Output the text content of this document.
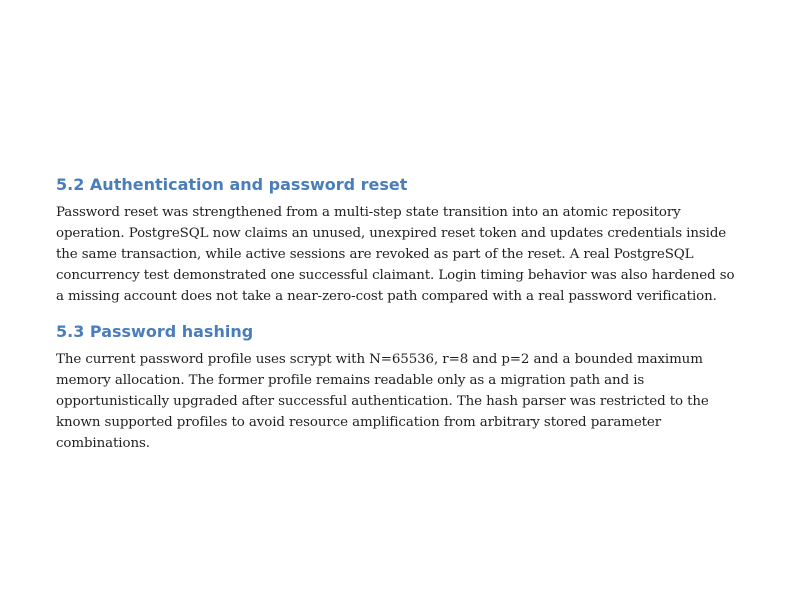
5.2 Authentication and password reset

Password reset was strengthened from a multi-step state transition into an atomic repository operation. PostgreSQL now claims an unused, unexpired reset token and updates credentials inside the same transaction, while active sessions are revoked as part of the reset. A real PostgreSQL concurrency test demonstrated one successful claimant. Login timing behavior was also hardened so a missing account does not take a near-zero-cost path compared with a real password verification.

5.3 Password hashing

The current password profile uses scrypt with N=65536, r=8 and p=2 and a bounded maximum memory allocation. The former profile remains readable only as a migration path and is opportunistically upgraded after successful authentication. The hash parser was restricted to the known supported profiles to avoid resource amplification from arbitrary stored parameter combinations.
